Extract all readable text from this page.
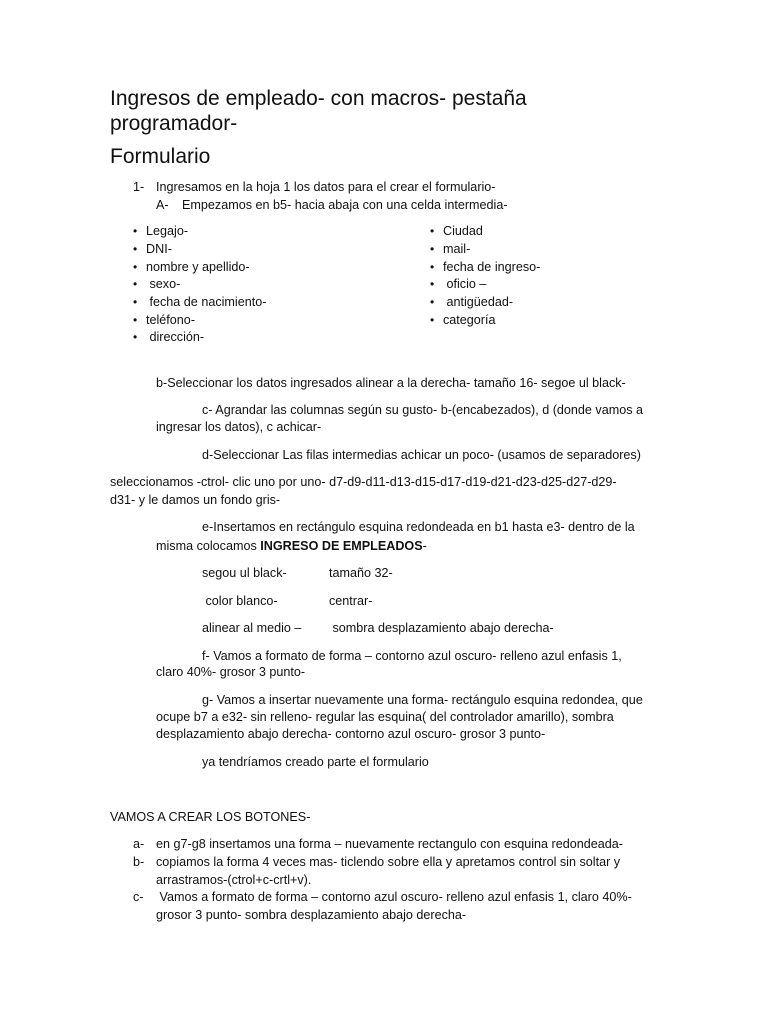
Ingresos de empleado- con macros- pestaña
programador-
Formulario
1- Ingresamos en la hoja 1 los datos para el crear el formulario-
A- Empezamos en b5- hacia abaja con una celda intermedia-
• Legajo-
• DNI-
• nombre y apellido-
• sexo-
• fecha de nacimiento-
• teléfono-
• dirección-
• Ciudad
• mail-
• fecha de ingreso-
• oficio –
• antigüedad-
• categoría
b-Seleccionar los datos ingresados alinear a la derecha- tamaño 16- segoe ul black-
c- Agrandar las columnas según su gusto- b-(encabezados), d (donde vamos a
ingresar los datos), c achicar-
d-Seleccionar Las filas intermedias achicar un poco- (usamos de separadores)
seleccionamos -ctrol- clic uno por uno- d7-d9-d11-d13-d15-d17-d19-d21-d23-d25-d27-d29-
d31- y le damos un fondo gris-
e-Insertamos en rectángulo esquina redondeada en b1 hasta e3- dentro de la
misma colocamos INGRESO DE EMPLEADOS-
segou ul black-	tamaño 32-
color blanco-	centrar-
alinear al medio – sombra desplazamiento abajo derecha-
f- Vamos a formato de forma – contorno azul oscuro- relleno azul enfasis 1,
claro 40%- grosor 3 punto-
g- Vamos a insertar nuevamente una forma- rectángulo esquina redondea, que
ocupe b7 a e32- sin relleno- regular las esquina( del controlador amarillo), sombra
desplazamiento abajo derecha- contorno azul oscuro- grosor 3 punto-
ya tendríamos creado parte el formulario
VAMOS A CREAR LOS BOTONES-
a- en g7-g8 insertamos una forma – nuevamente rectangulo con esquina redondeada-
b- copiamos la forma 4 veces mas- ticlendo sobre ella y apretamos control sin soltar y
arrastramos-(ctrol+c-crtl+v).
c- Vamos a formato de forma – contorno azul oscuro- relleno azul enfasis 1, claro 40%-
grosor 3 punto- sombra desplazamiento abajo derecha-
